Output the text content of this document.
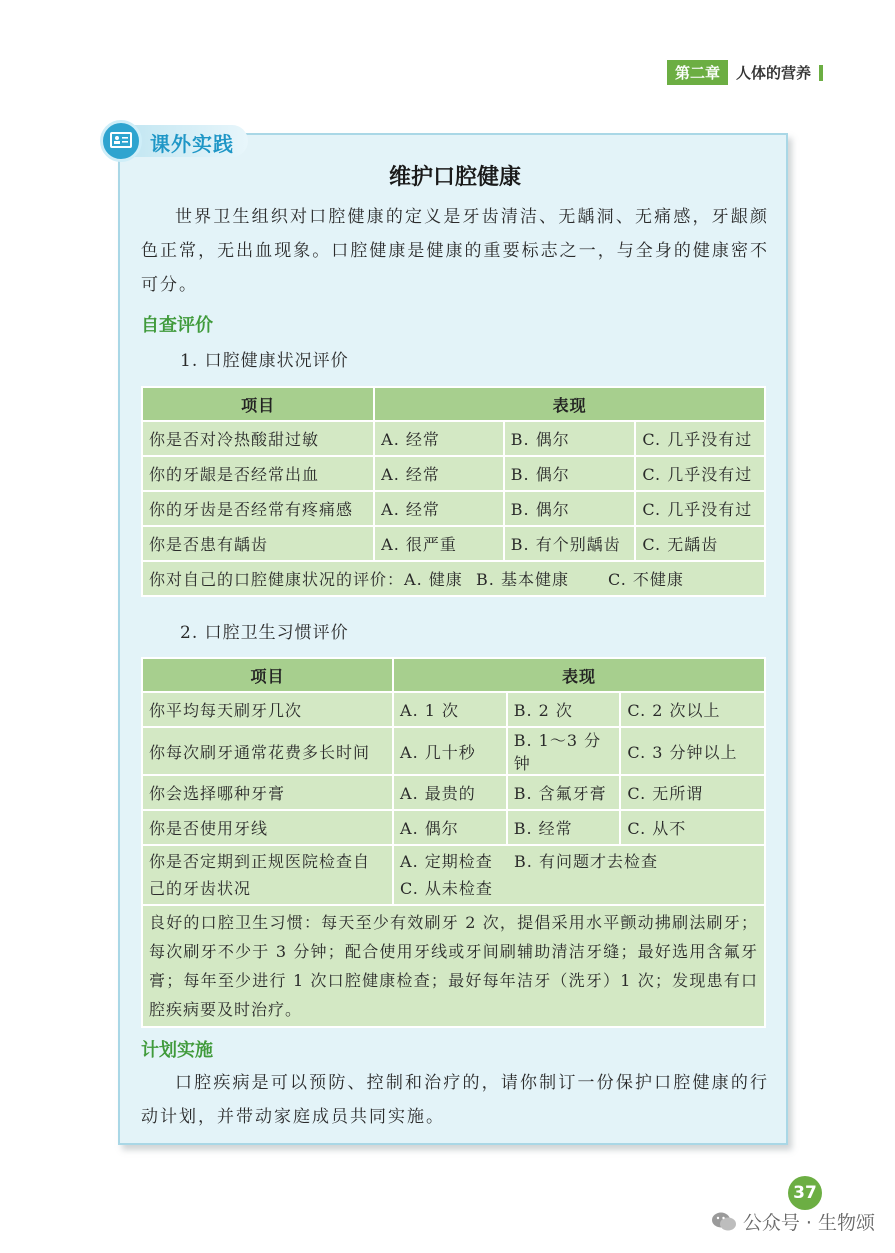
第二章	人体的营养
课外实践
维护口腔健康

世界卫生组织对口腔健康的定义是牙齿清洁、无龋洞、无痛感，牙龈颜色正常，无出血现象。口腔健康是健康的重要标志之一，与全身的健康密不可分。

自查评价
1. 口腔健康状况评价
项目	表现		
你是否对冷热酸甜过敏	A. 经常	B. 偶尔	C. 几乎没有过
你的牙龈是否经常出血	A. 经常	B. 偶尔	C. 几乎没有过
你的牙齿是否经常有疼痛感	A. 经常	B. 偶尔	C. 几乎没有过
你是否患有龋齿	A. 很严重	B. 有个别龋齿	C. 无龋齿
你对自己的口腔健康状况的评价：A. 健康 B. 基本健康 C. 不健康			
2. 口腔卫生习惯评价
项目	表现		
你平均每天刷牙几次	A. 1 次	B. 2 次	C. 2 次以上
你每次刷牙通常花费多长时间	A. 几十秒	B. 1～3 分钟	C. 3 分钟以上
你会选择哪种牙膏	A. 最贵的	B. 含氟牙膏	C. 无所谓
你是否使用牙线	A. 偶尔	B. 经常	C. 从不
你是否定期到正规医院检查自己的牙齿状况	A. 定期检查 B. 有问题才去检查
C. 从未检查		
良好的口腔卫生习惯：每天至少有效刷牙 2 次，提倡采用水平颤动拂刷法刷牙；每次刷牙不少于 3 分钟；配合使用牙线或牙间刷辅助清洁牙缝；最好选用含氟牙膏；每年至少进行 1 次口腔健康检查；最好每年洁牙（洗牙）1 次；发现患有口腔疾病要及时治疗。			
计划实施

口腔疾病是可以预防、控制和治疗的，请你制订一份保护口腔健康的行动计划，并带动家庭成员共同实施。

37
公众号 · 生物颂
